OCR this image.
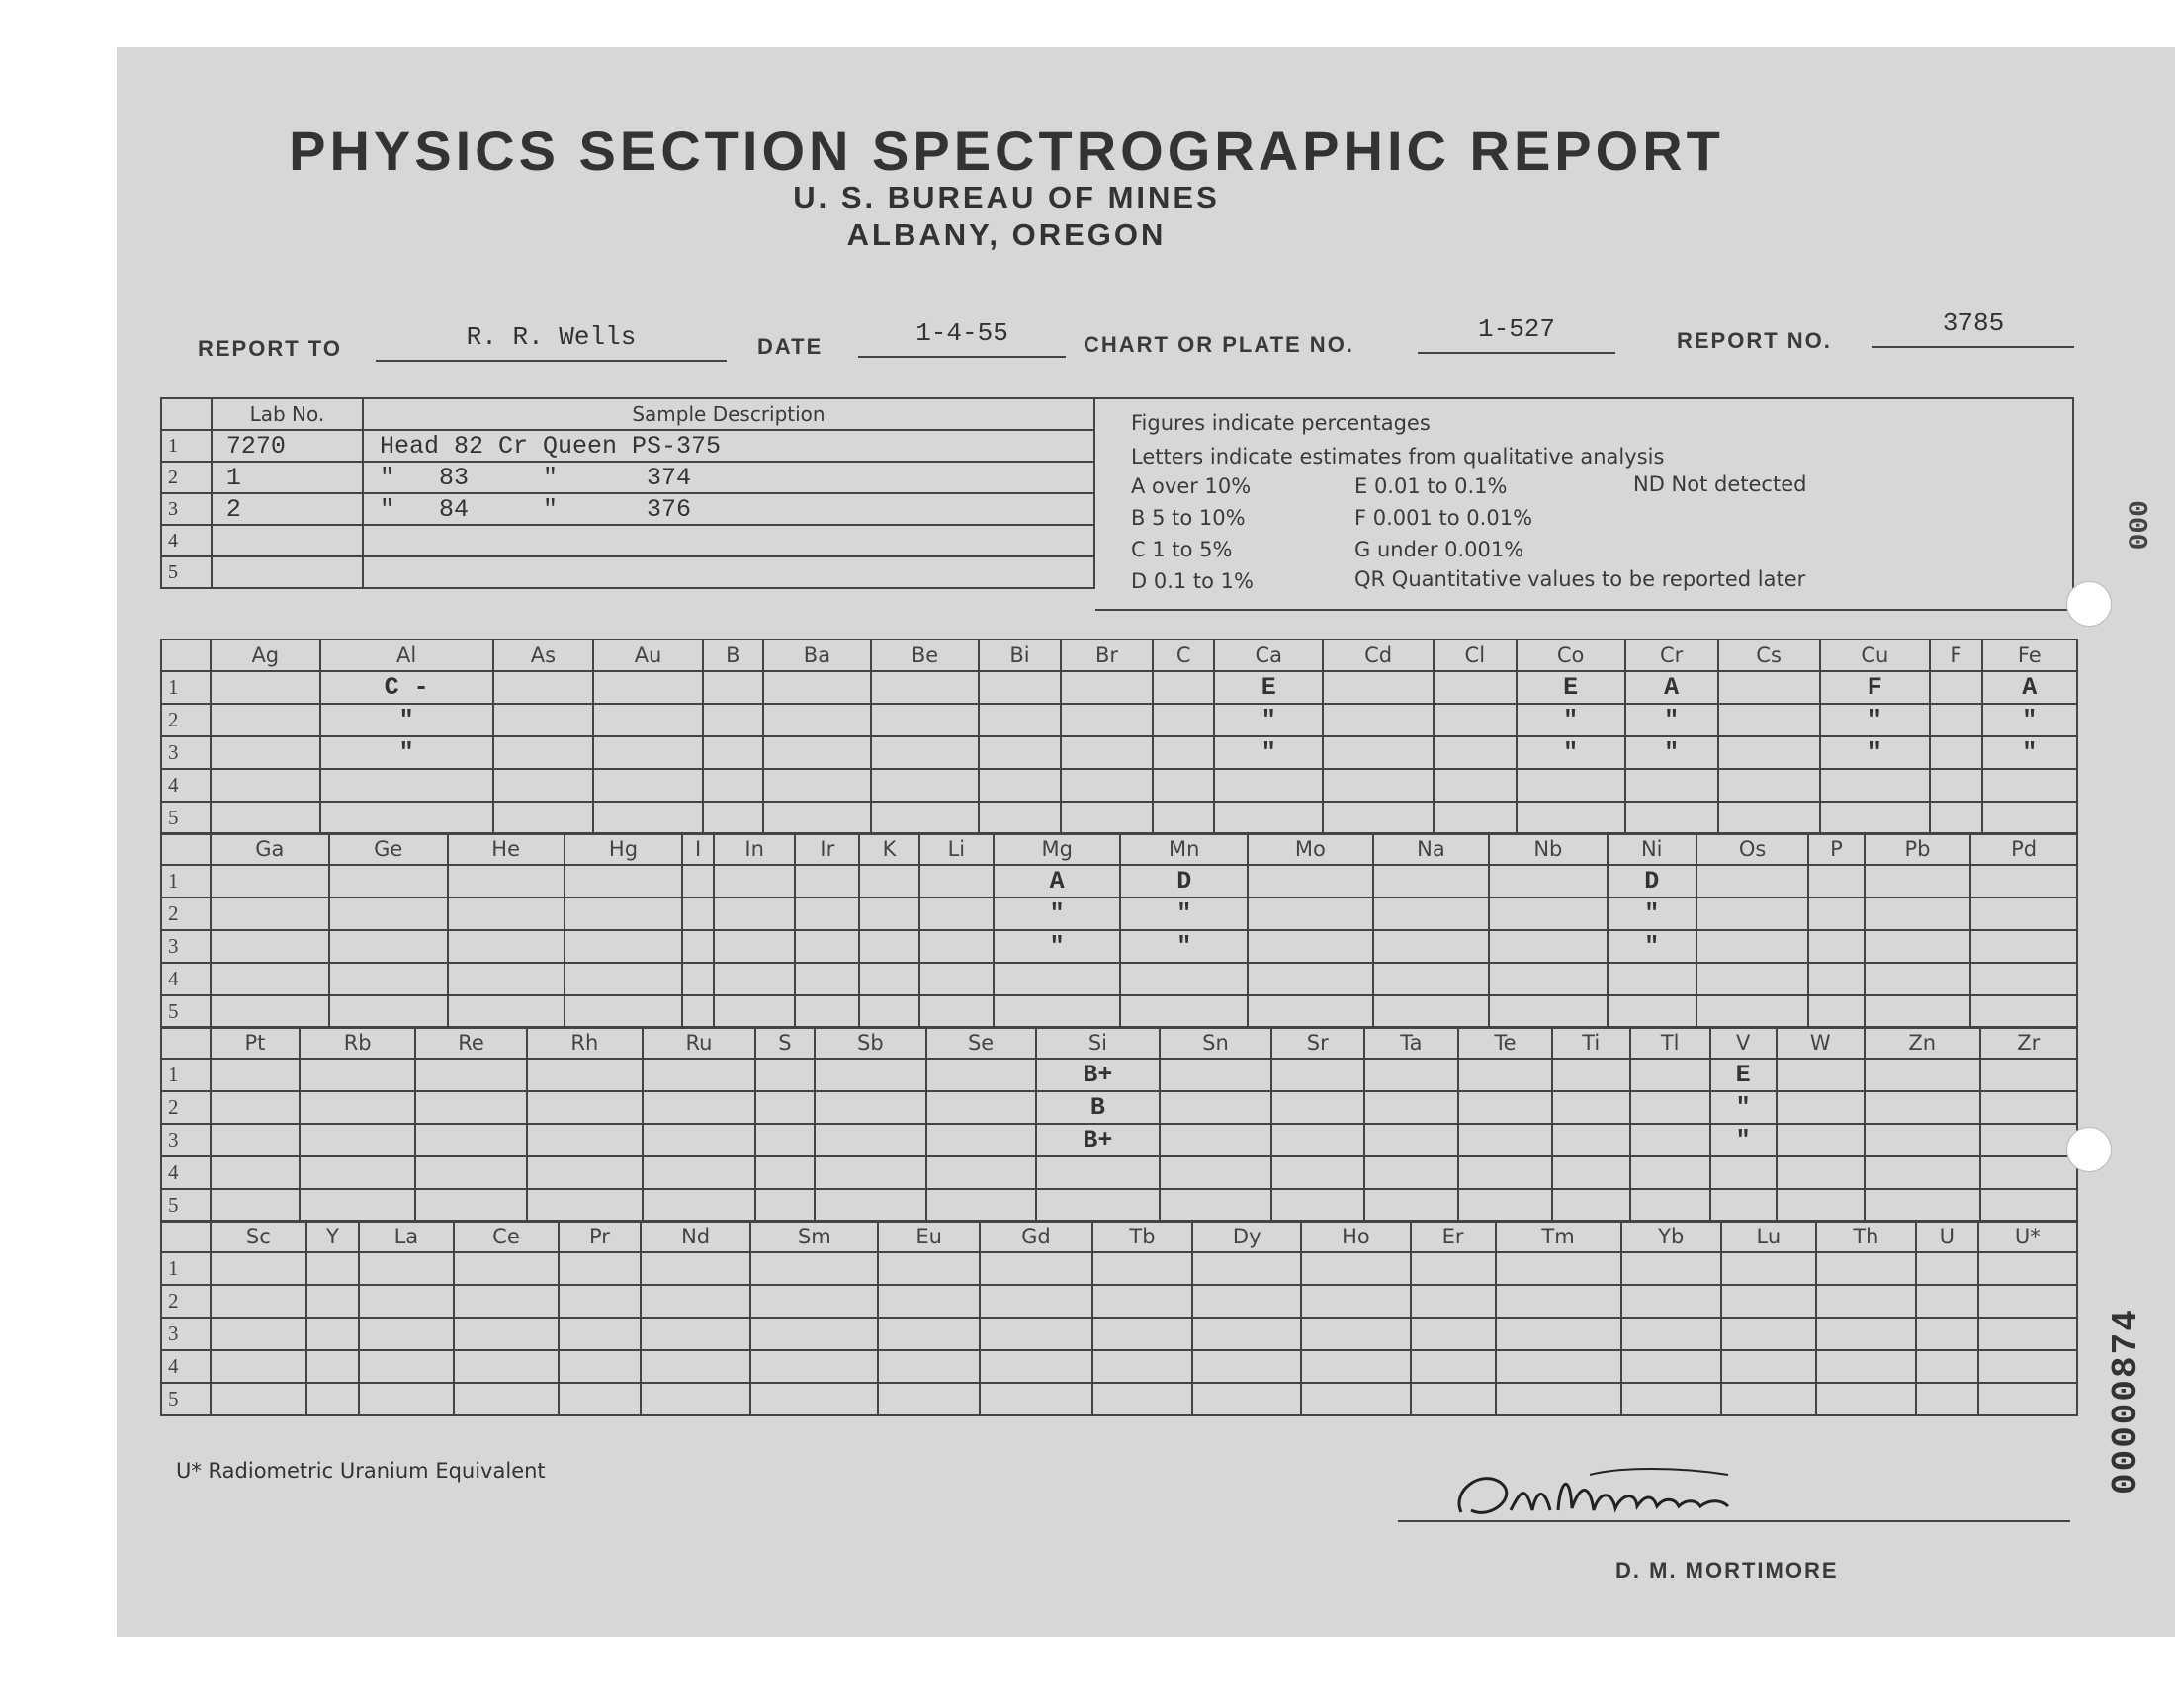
PHYSICS SECTION SPECTROGRAPHIC REPORT
U. S. BUREAU OF MINES
ALBANY, OREGON
REPORT TO	R. R. Wells	DATE	1-4-55	CHART OR PLATE NO.
1-527	REPORT NO.
3785
	Lab No.	Sample Description
1	7270	Head 82 Cr Queen PS-375
2	1	"   83     "      374
3	2	"   84     "      376
4		
5		
Figures indicate percentages
Letters indicate estimates from qualitative analysis
A over 10%
B 5 to 10%
C 1 to 5%
D 0.1 to 1%
E 0.01 to 0.1%
F 0.001 to 0.01%
G under 0.001%
QR Quantitative values to be reported later
ND Not detected
	Ag	Al	As	Au	B	Ba	Be	Bi	Br	C	Ca	Cd	Cl	Co	Cr	Cs	Cu	F	Fe
1		C -									E			E	A		F		A
2		"									"			"	"		"		"
3		"									"			"	"		"		"
4																			
5																			
	Ga	Ge	He	Hg	I	In	Ir	K	Li	Mg	Mn	Mo	Na	Nb	Ni	Os	P	Pb	Pd
1										A	D				D				
2										"	"				"				
3										"	"				"				
4																			
5																			
	Pt	Rb	Re	Rh	Ru	S	Sb	Se	Si	Sn	Sr	Ta	Te	Ti	Tl	V	W	Zn	Zr
1									B+							E			
2									B							"			
3									B+							"			
4																			
5																			
	Sc	Y	La	Ce	Pr	Nd	Sm	Eu	Gd	Tb	Dy	Ho	Er	Tm	Yb	Lu	Th	U	U*
1																			
2																			
3																			
4																			
5																			
U* Radiometric Uranium Equivalent
D. M. MORTIMORE
000
00000874
